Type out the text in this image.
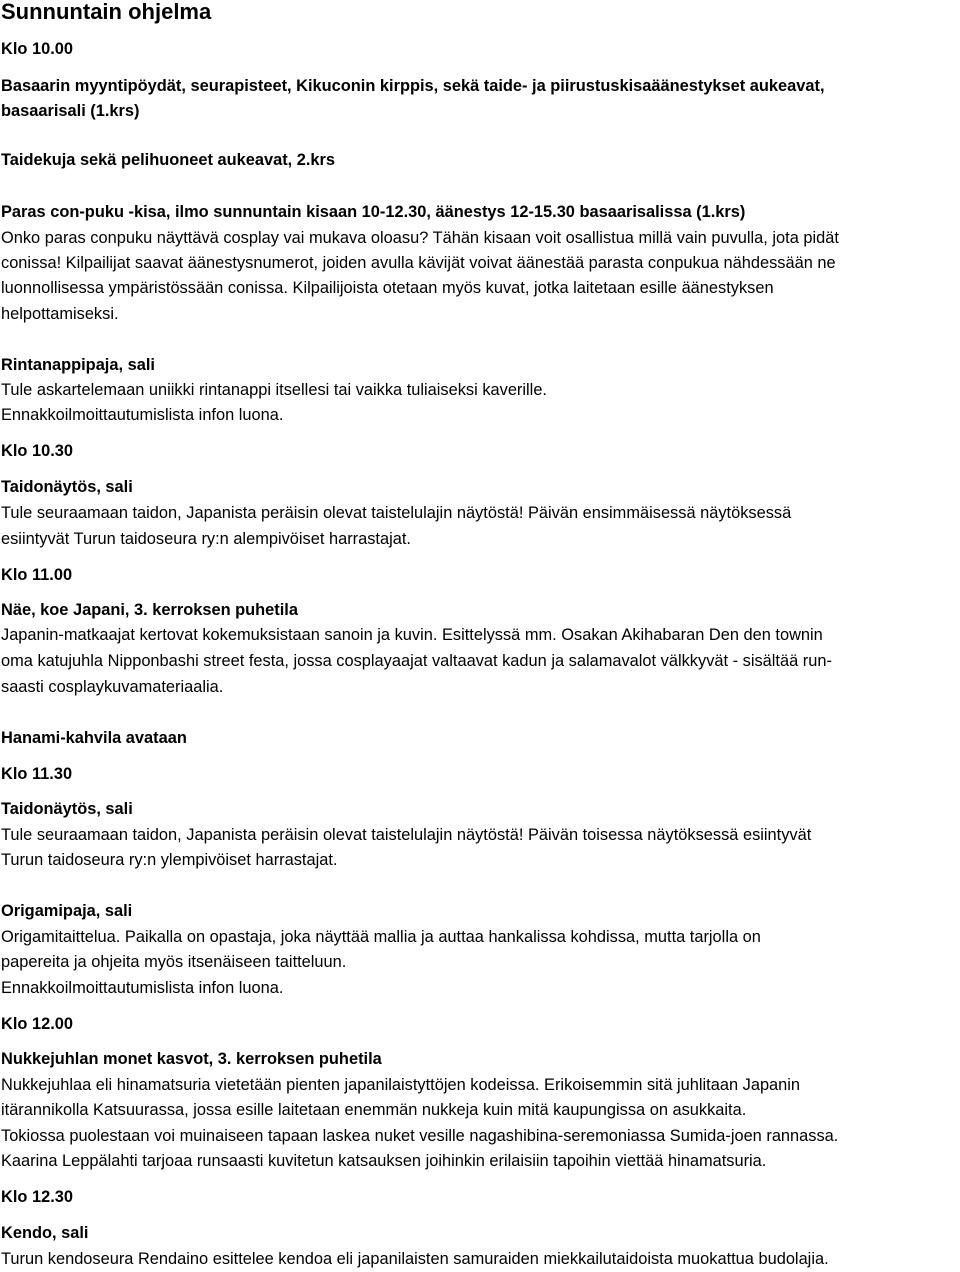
Sunnuntain ohjelma

Klo 10.00

Basaarin myyntipöydät, seurapisteet, Kikuconin kirppis, sekä taide- ja piirustuskisaäänestykset aukeavat,

basaarisali (1.krs)

Taidekuja sekä pelihuoneet aukeavat, 2.krs

Paras con-puku -kisa, ilmo sunnuntain kisaan 10-12.30, äänestys 12-15.30 basaarisalissa (1.krs)

Onko paras conpuku näyttävä cosplay vai mukava oloasu? Tähän kisaan voit osallistua millä vain puvulla, jota pidät

conissa! Kilpailijat saavat äänestysnumerot, joiden avulla kävijät voivat äänestää parasta conpukua nähdessään ne

luonnollisessa ympäristössään conissa. Kilpailijoista otetaan myös kuvat, jotka laitetaan esille äänestyksen

helpottamiseksi.

Rintanappipaja, sali

Tule askartelemaan uniikki rintanappi itsellesi tai vaikka tuliaiseksi kaverille.

Ennakkoilmoittautumislista infon luona.

Klo 10.30

Taidonäytös, sali

Tule seuraamaan taidon, Japanista peräisin olevat taistelulajin näytöstä! Päivän ensimmäisessä näytöksessä

esiintyvät Turun taidoseura ry:n alempivöiset harrastajat.

Klo 11.00

Näe, koe Japani, 3. kerroksen puhetila

Japanin-matkaajat kertovat kokemuksistaan sanoin ja kuvin. Esittelyssä mm. Osakan Akihabaran Den den townin

oma katujuhla Nipponbashi street festa, jossa cosplayaajat valtaavat kadun ja salamavalot välkkyvät - sisältää run-

saasti cosplaykuvamateriaalia.

Hanami-kahvila avataan

Klo 11.30

Taidonäytös, sali

Tule seuraamaan taidon, Japanista peräisin olevat taistelulajin näytöstä! Päivän toisessa näytöksessä esiintyvät

Turun taidoseura ry:n ylempivöiset harrastajat.

Origamipaja, sali

Origamitaittelua. Paikalla on opastaja, joka näyttää mallia ja auttaa hankalissa kohdissa, mutta tarjolla on

papereita ja ohjeita myös itsenäiseen taitteluun.

Ennakkoilmoittautumislista infon luona.

Klo 12.00

Nukkejuhlan monet kasvot, 3. kerroksen puhetila

Nukkejuhlaa eli hinamatsuria vietetään pienten japanilaistyttöjen kodeissa. Erikoisemmin sitä juhlitaan Japanin

itärannikolla Katsuurassa, jossa esille laitetaan enemmän nukkeja kuin mitä kaupungissa on asukkaita.

Tokiossa puolestaan voi muinaiseen tapaan laskea nuket vesille nagashibina-seremoniassa Sumida-joen rannassa.

Kaarina Leppälahti tarjoaa runsaasti kuvitetun katsauksen joihinkin erilaisiin tapoihin viettää hinamatsuria.

Klo 12.30

Kendo, sali

Turun kendoseura Rendaino esittelee kendoa eli japanilaisten samuraiden miekkailutaidoista muokattua budolajia.
